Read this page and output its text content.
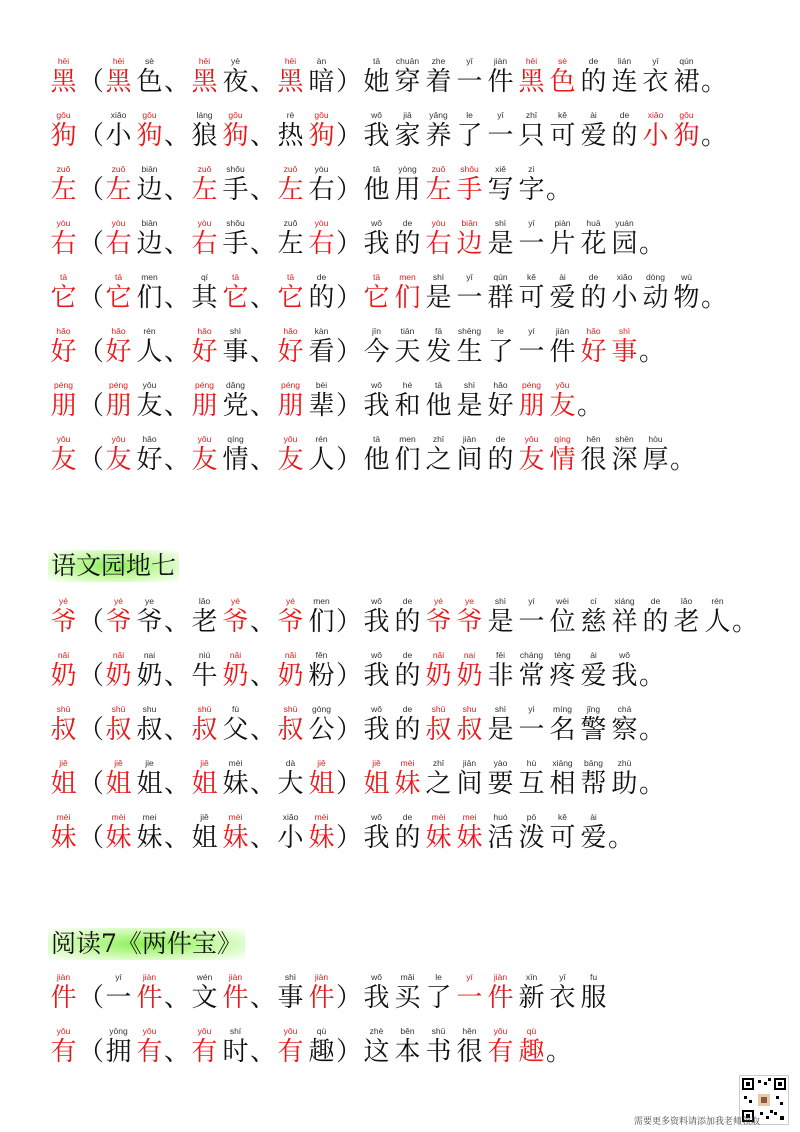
hēi
黑 （
hēi
黑
sè
色 、
hēi
黑
yè
夜 、
hēi
黑
àn
暗 ）
tā
她
chuān
穿
zhe
着
yī
一
jiàn
件
hēi
黑
sè
色
de
的
lián
连
yī
衣
qún
裙 。
gǒu
狗 （
xiǎo
小
gǒu
狗 、
láng
狼
gǒu
狗 、
rè
热
gǒu
狗 ）
wǒ
我
jiā
家
yǎng
养
le
了
yī
一
zhī
只
kě
可
ài
爱
de
的
xiǎo
小
gǒu
狗 。
zuǒ
左 （
zuǒ
左
biān
边 、
zuǒ
左
shǒu
手 、
zuǒ
左
yòu
右 ）
tā
他
yòng
用
zuǒ
左
shǒu
手
xiě
写
zì
字 。
yòu
右 （
yòu
右
biān
边 、
yòu
右
shǒu
手 、
zuǒ
左
yòu
右 ）
wǒ
我
de
的
yòu
右
biān
边
shì
是
yī
一
piàn
片
huā
花
yuán
园 。
tā
它 （
tā
它
men
们 、
qí
其
tā
它 、
tā
它
de
的 ）
tā
它
men
们
shì
是
yī
一
qún
群
kě
可
ài
爱
de
的
xiǎo
小
dòng
动
wù
物 。
hǎo
好 （
hǎo
好
rén
人 、
hǎo
好
shì
事 、
hǎo
好
kàn
看 ）
jīn
今
tiān
天
fā
发
shēng
生
le
了
yí
一
jiàn
件
hǎo
好
shì
事 。
péng
朋 （
péng
朋
yǒu
友 、
péng
朋
dǎng
党 、
péng
朋
bèi
辈 ）
wǒ
我
hé
和
tā
他
shì
是
hǎo
好
péng
朋
yǒu
友 。
yǒu
友 （
yǒu
友
hǎo
好 、
yǒu
友
qíng
情 、
yǒu
友
rén
人 ）
tā
他
men
们
zhī
之
jiān
间
de
的
yǒu
友
qíng
情
hěn
很
shēn
深
hòu
厚 。
语文园地七
yé
爷 （
yé
爷
ye
爷 、
lǎo
老
yé
爷 、
yé
爷
men
们 ）
wǒ
我
de
的
yé
爷
ye
爷
shì
是
yí
一
wèi
位
cí
慈
xiáng
祥
de
的
lǎo
老
rén
人 。
nǎi
奶 （
nǎi
奶
nai
奶 、
niú
牛
nǎi
奶 、
nǎi
奶
fěn
粉 ）
wǒ
我
de
的
nǎi
奶
nai
奶
fēi
非
cháng
常
téng
疼
ài
爱
wǒ
我 。
shū
叔 （
shū
叔
shu
叔 、
shū
叔
fù
父 、
shū
叔
gōng
公 ）
wǒ
我
de
的
shū
叔
shu
叔
shì
是
yì
一
míng
名
jǐng
警
chá
察 。
jiě
姐 （
jiě
姐
jie
姐 、
jiě
姐
mèi
妹 、
dà
大
jiě
姐 ）
jiě
姐
mèi
妹
zhī
之
jiān
间
yào
要
hù
互
xiāng
相
bāng
帮
zhù
助 。
mèi
妹 （
mèi
妹
mei
妹 、
jiě
姐
mèi
妹 、
xiǎo
小
mèi
妹 ）
wǒ
我
de
的
mèi
妹
mei
妹
huó
活
pō
泼
kě
可
ài
爱 。
阅读7《两件宝》
jiàn
件 （
yí
一
jiàn
件 、
wén
文
jiàn
件 、
shì
事
jiàn
件 ）
wǒ
我
mǎi
买
le
了
yí
一
jiàn
件
xīn
新
yī
衣
fu
服
yǒu
有 （
yōng
拥
yǒu
有 、
yǒu
有
shí
时 、
yǒu
有
qù
趣 ）
zhè
这
běn
本
shū
书
hěn
很
yǒu
有
qù
趣 。
需要更多资料请添加我老师领取
